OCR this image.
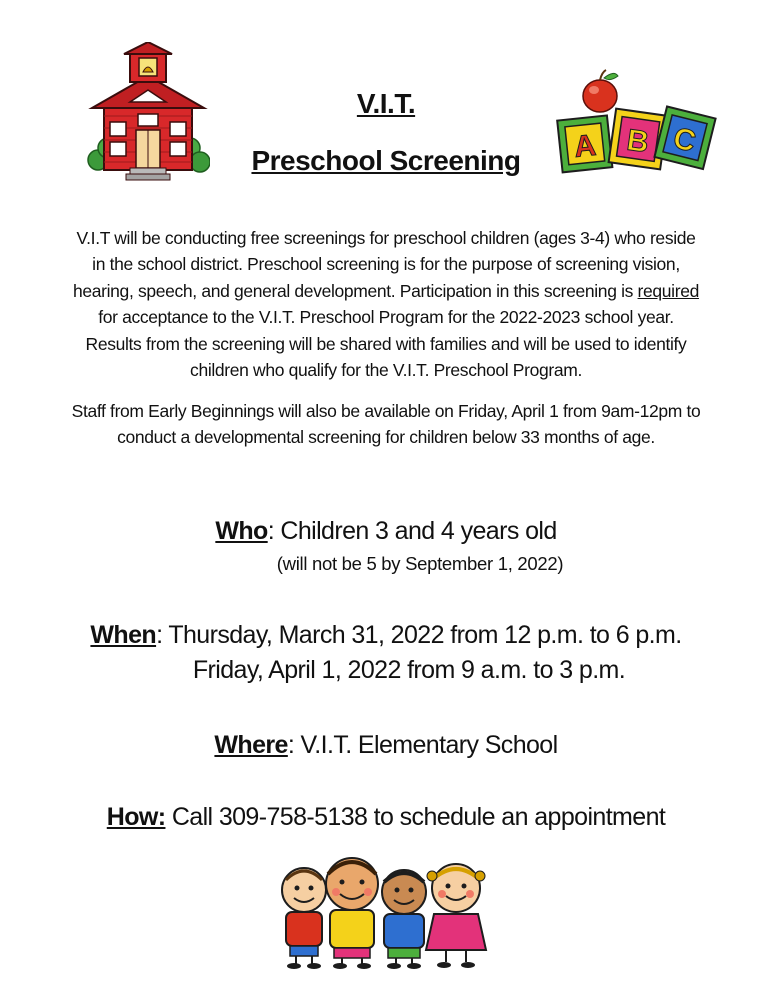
A B C
V.I.T.
Preschool Screening
V.I.T will be conducting free screenings for preschool children (ages 3-4) who reside in the school district. Preschool screening is for the purpose of screening vision, hearing, speech, and general development. Participation in this screening is required for acceptance to the V.I.T. Preschool Program for the 2022-2023 school year. Results from the screening will be shared with families and will be used to identify children who qualify for the V.I.T. Preschool Program.
Staff from Early Beginnings will also be available on Friday, April 1 from 9am-12pm to conduct a developmental screening for children below 33 months of age.
Who: Children 3 and 4 years old
(will not be 5 by September 1, 2022)
When: Thursday, March 31, 2022 from 12 p.m. to 6 p.m.
Friday, April 1, 2022 from 9 a.m. to 3 p.m.
Where: V.I.T. Elementary School
How: Call 309-758-5138 to schedule an appointment
